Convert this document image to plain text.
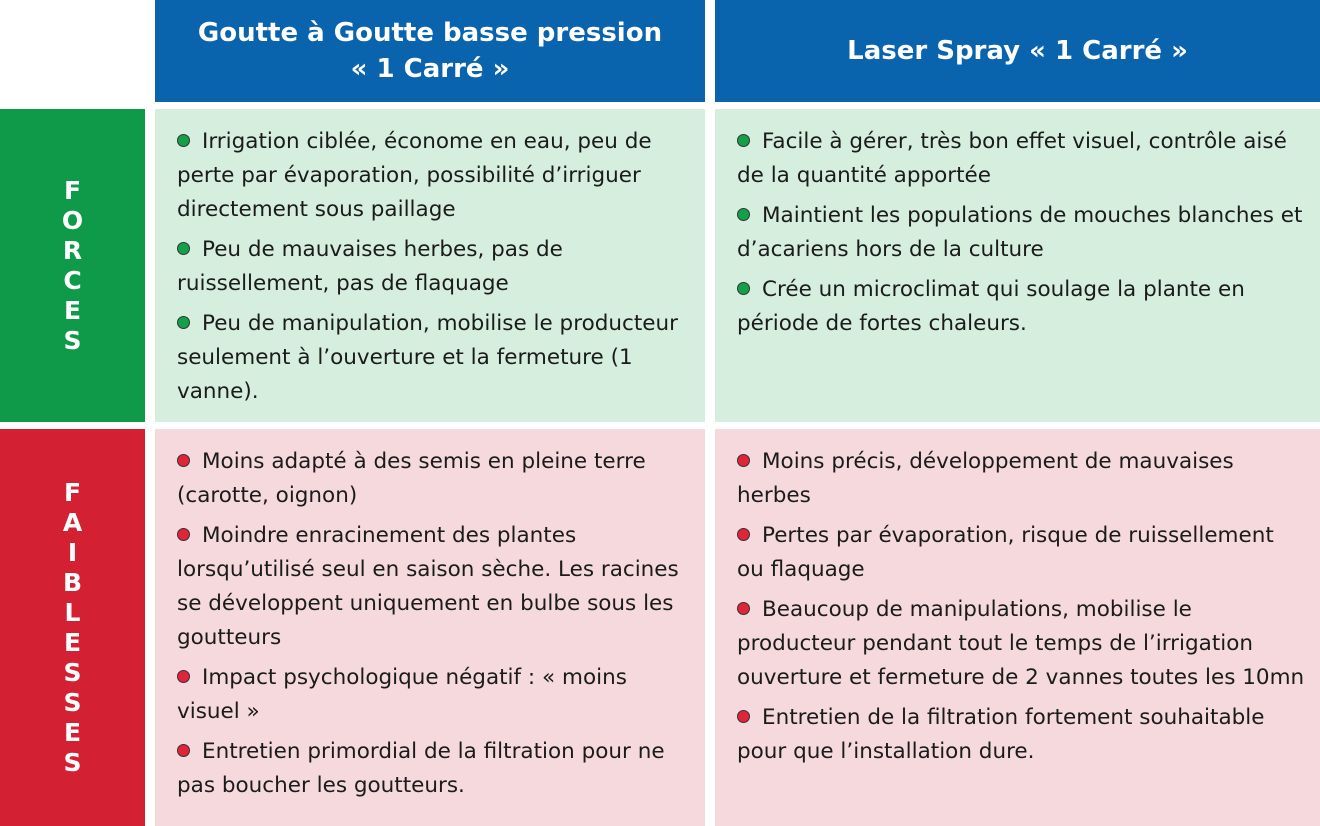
Goutte à Goutte basse pression
« 1 Carré »
Laser Spray « 1 Carré »
F
O
R
C
E
S
Irrigation ciblée, économe en eau, peu de perte par évaporation, possibilité d’irriguer directement sous paillage
Peu de mauvaises herbes, pas de ruissellement, pas de flaquage
Peu de manipulation, mobilise le producteur seulement à l’ouverture et la fermeture (1 vanne).
Facile à gérer, très bon effet visuel, contrôle aisé de la quantité apportée
Maintient les populations de mouches blanches et d’acariens hors de la culture
Crée un microclimat qui soulage la plante en période de fortes chaleurs.
F
A
I
B
L
E
S
S
E
S
Moins adapté à des semis en pleine terre (carotte, oignon)
Moindre enracinement des plantes lorsqu’utilisé seul en saison sèche. Les racines se développent uniquement en bulbe sous les goutteurs
Impact psychologique négatif : « moins visuel »
Entretien primordial de la filtration pour ne pas boucher les goutteurs.
Moins précis, développement de mauvaises herbes
Pertes par évaporation, risque de ruissellement ou flaquage
Beaucoup de manipulations, mobilise le producteur pendant tout le temps de l’irrigation ouverture et fermeture de 2 vannes toutes les 10mn
Entretien de la filtration fortement souhaitable pour que l’installation dure.
